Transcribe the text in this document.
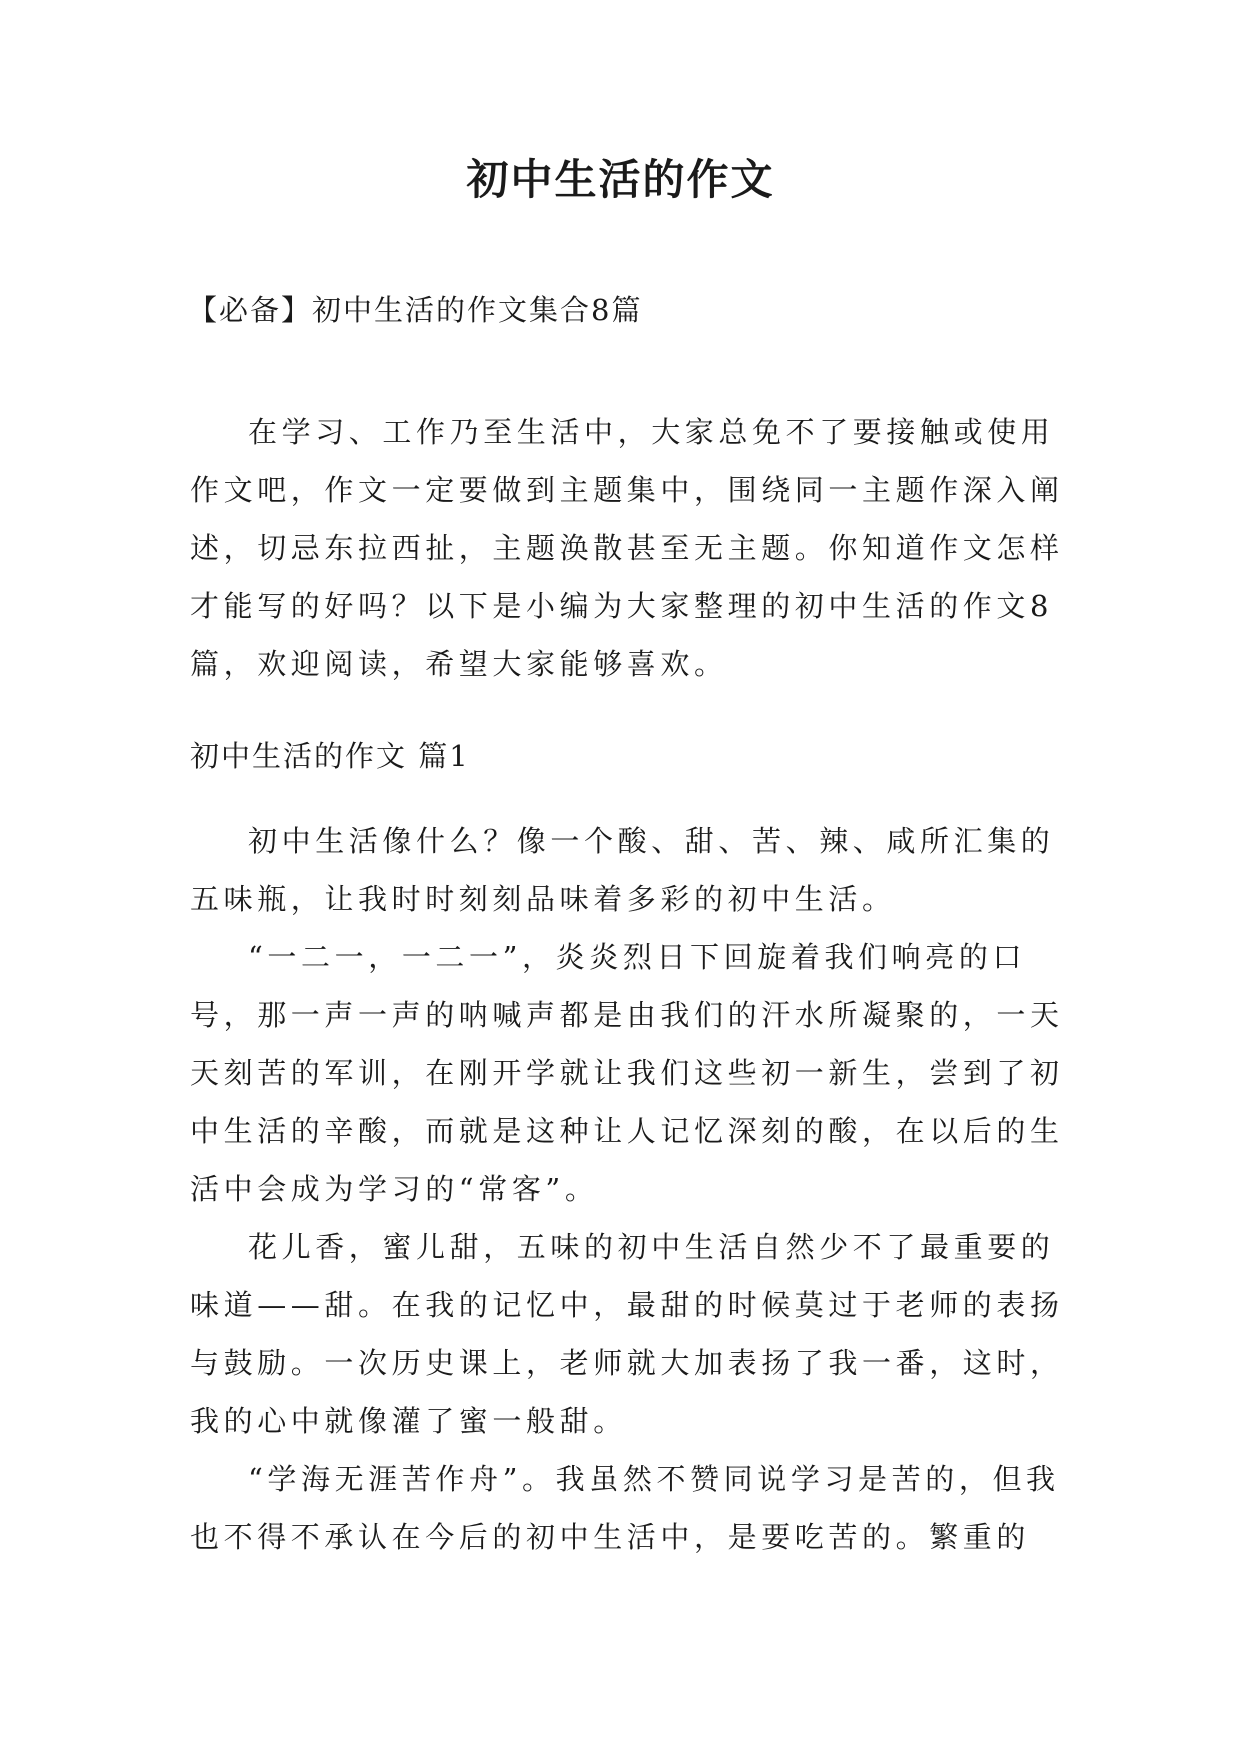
初中生活的作文
【必备】初中生活的作文集合8篇

在学习、工作乃至生活中，大家总免不了要接触或使用作文吧，作文一定要做到主题集中，围绕同一主题作深入阐述，切忌东拉西扯，主题涣散甚至无主题。你知道作文怎样才能写的好吗？以下是小编为大家整理的初中生活的作文8篇，欢迎阅读，希望大家能够喜欢。

初中生活的作文 篇1

初中生活像什么？像一个酸、甜、苦、辣、咸所汇集的五味瓶，让我时时刻刻品味着多彩的初中生活。

“一二一，一二一”，炎炎烈日下回旋着我们响亮的口号，那一声一声的呐喊声都是由我们的汗水所凝聚的，一天天刻苦的军训，在刚开学就让我们这些初一新生，尝到了初中生活的辛酸，而就是这种让人记忆深刻的酸，在以后的生活中会成为学习的“常客”。

花儿香，蜜儿甜，五味的初中生活自然少不了最重要的味道——甜。在我的记忆中，最甜的时候莫过于老师的表扬与鼓励。一次历史课上，老师就大加表扬了我一番，这时，我的心中就像灌了蜜一般甜。

“学海无涯苦作舟”。我虽然不赞同说学习是苦的，但我也不得不承认在今后的初中生活中，是要吃苦的。繁重的
